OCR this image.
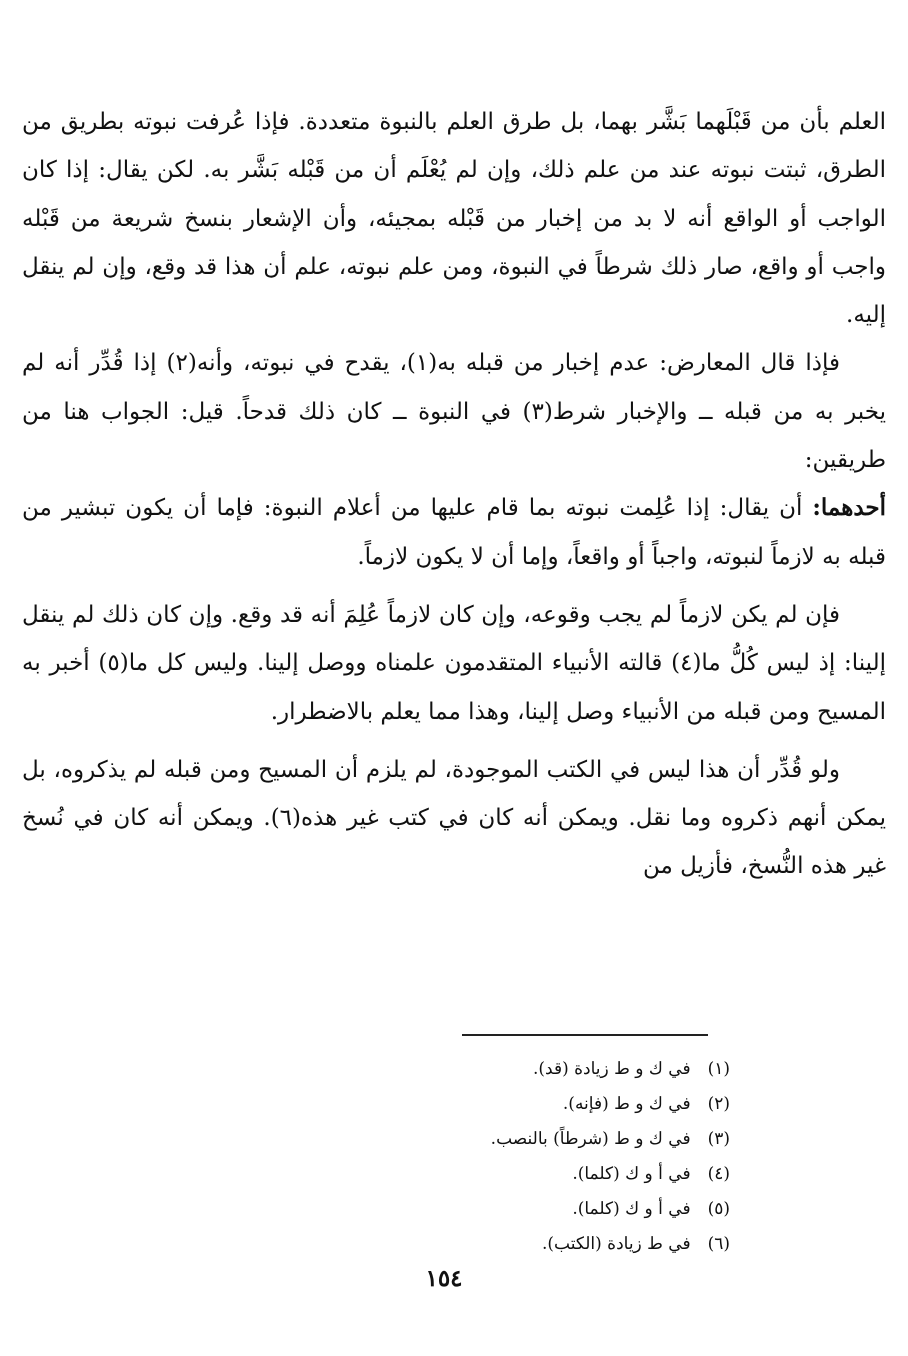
العلم بأن من قَبْلَهما بَشَّر بهما، بل طرق العلم بالنبوة متعددة. فإذا عُرفت نبوته بطريق من الطرق، ثبتت نبوته عند من علم ذلك، وإن لم يُعْلَم أن من قَبْله بَشَّر به. لكن يقال: إذا كان الواجب أو الواقع أنه لا بد من إخبار من قَبْله بمجيئه، وأن الإشعار بنسخ شريعة من قَبْله واجب أو واقع، صار ذلك شرطاً في النبوة، ومن علم نبوته، علم أن هذا قد وقع، وإن لم ينقل إليه.

فإذا قال المعارض: عدم إخبار من قبله به(١)، يقدح في نبوته، وأنه(٢) إذا قُدِّر أنه لم يخبر به من قبله ــ والإخبار شرط(٣) في النبوة ــ كان ذلك قدحاً. قيل: الجواب هنا من طريقين:

أحدهما: أن يقال: إذا عُلِمت نبوته بما قام عليها من أعلام النبوة: فإما أن يكون تبشير من قبله به لازماً لنبوته، واجباً أو واقعاً، وإما أن لا يكون لازماً.

فإن لم يكن لازماً لم يجب وقوعه، وإن كان لازماً عُلِمَ أنه قد وقع. وإن كان ذلك لم ينقل إلينا: إذ ليس كُلُّ ما(٤) قالته الأنبياء المتقدمون علمناه ووصل إلينا. وليس كل ما(٥) أخبر به المسيح ومن قبله من الأنبياء وصل إلينا، وهذا مما يعلم بالاضطرار.

ولو قُدِّر أن هذا ليس في الكتب الموجودة، لم يلزم أن المسيح ومن قبله لم يذكروه، بل يمكن أنهم ذكروه وما نقل. ويمكن أنه كان في كتب غير هذه(٦). ويمكن أنه كان في نُسخ غير هذه النُّسخ، فأزيل من

(١) في ك و ط زيادة (قد).
(٢) في ك و ط (فإنه).
(٣) في ك و ط (شرطاً) بالنصب.
(٤) في أ و ك (كلما).
(٥) في أ و ك (كلما).
(٦) في ط زيادة (الكتب).
١٥٤
